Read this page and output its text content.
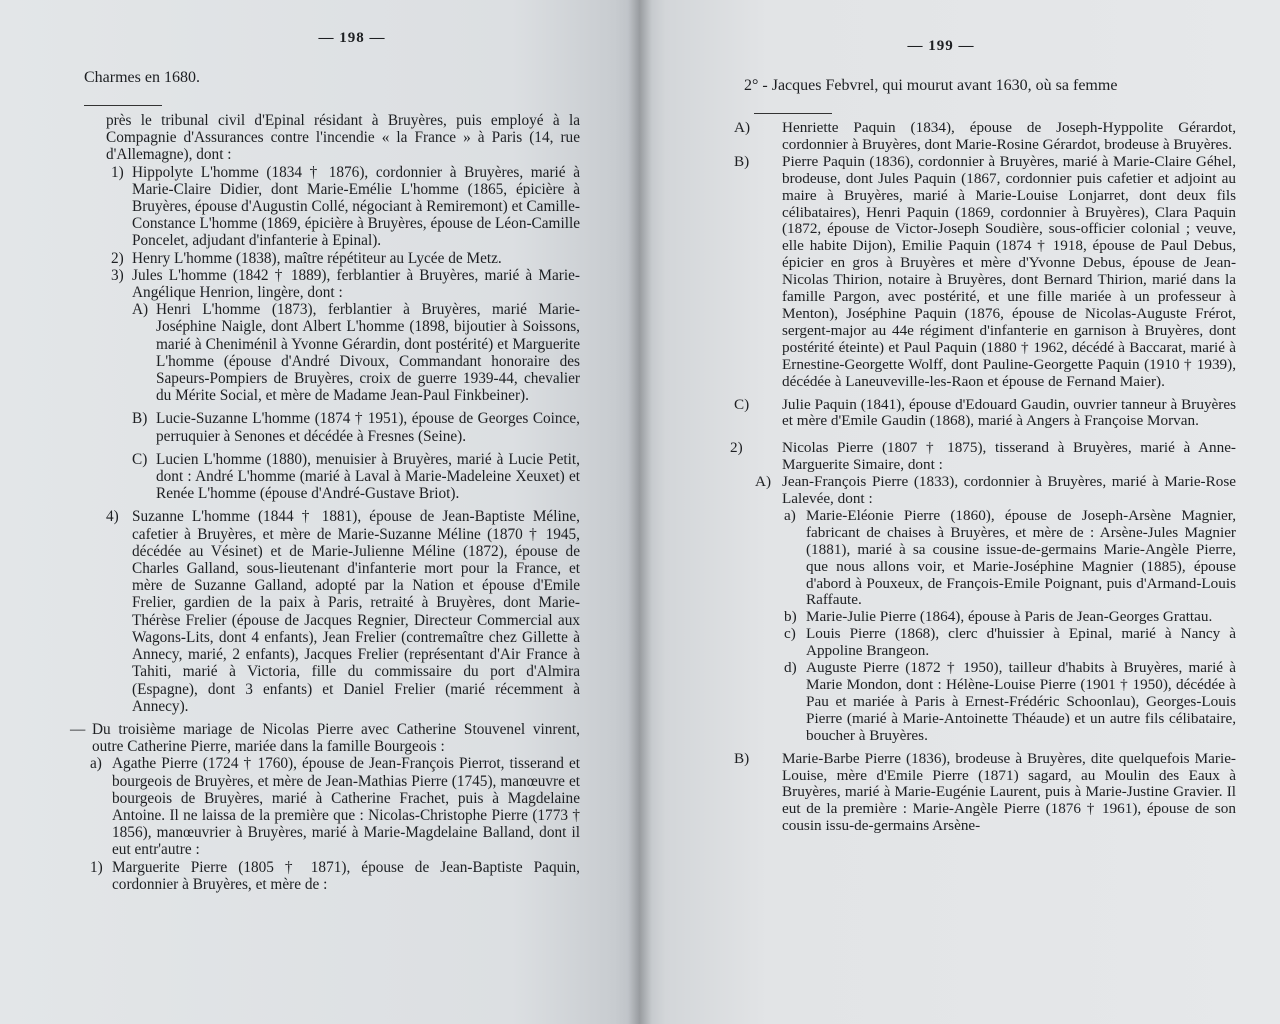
— 198 —
Charmes en 1680.
près le tribunal civil d'Epinal résidant à Bruyères, puis employé à la Compagnie d'Assurances contre l'incendie « la France » à Paris (14, rue d'Allemagne), dont :
1) Hippolyte L'homme (1834 † 1876), cordonnier à Bruyères, marié à Marie-Claire Didier, dont Marie-Emélie L'homme (1865, épicière à Bruyères, épouse d'Augustin Collé, négociant à Remiremont) et Camille-Constance L'homme (1869, épicière à Bruyères, épouse de Léon-Camille Poncelet, adjudant d'infanterie à Epinal).
2) Henry L'homme (1838), maître répétiteur au Lycée de Metz.
3) Jules L'homme (1842 † 1889), ferblantier à Bruyères, marié à Marie-Angélique Henrion, lingère, dont :
A) Henri L'homme (1873), ferblantier à Bruyères, marié Marie-Joséphine Naigle, dont Albert L'homme (1898, bijoutier à Soissons, marié à Cheniménil à Yvonne Gérardin, dont postérité) et Marguerite L'homme (épouse d'André Divoux, Commandant honoraire des Sapeurs-Pompiers de Bruyères, croix de guerre 1939-44, chevalier du Mérite Social, et mère de Madame Jean-Paul Finkbeiner).
B) Lucie-Suzanne L'homme (1874 † 1951), épouse de Georges Coince, perruquier à Senones et décédée à Fresnes (Seine).
C) Lucien L'homme (1880), menuisier à Bruyères, marié à Lucie Petit, dont : André L'homme (marié à Laval à Marie-Madeleine Xeuxet) et Renée L'homme (épouse d'André-Gustave Briot).
4) Suzanne L'homme (1844 † 1881), épouse de Jean-Baptiste Méline, cafetier à Bruyères, et mère de Marie-Suzanne Méline (1870 † 1945, décédée au Vésinet) et de Marie-Julienne Méline (1872), épouse de Charles Galland, sous-lieutenant d'infanterie mort pour la France, et mère de Suzanne Galland, adopté par la Nation et épouse d'Emile Frelier, gardien de la paix à Paris, retraité à Bruyères, dont Marie-Thérèse Frelier (épouse de Jacques Regnier, Directeur Commercial aux Wagons-Lits, dont 4 enfants), Jean Frelier (contremaître chez Gillette à Annecy, marié, 2 enfants), Jacques Frelier (représentant d'Air France à Tahiti, marié à Victoria, fille du commissaire du port d'Almira (Espagne), dont 3 enfants) et Daniel Frelier (marié récemment à Annecy).
— Du troisième mariage de Nicolas Pierre avec Catherine Stouvenel vinrent, outre Catherine Pierre, mariée dans la famille Bourgeois :
a) Agathe Pierre (1724 † 1760), épouse de Jean-François Pierrot, tisserand et bourgeois de Bruyères, et mère de Jean-Mathias Pierre (1745), manœuvre et bourgeois de Bruyères, marié à Catherine Frachet, puis à Magdelaine Antoine. Il ne laissa de la première que : Nicolas-Christophe Pierre (1773 † 1856), manœuvrier à Bruyères, marié à Marie-Magdelaine Balland, dont il eut entr'autre :
1) Marguerite Pierre (1805 † 1871), épouse de Jean-Baptiste Paquin, cordonnier à Bruyères, et mère de :
— 199 —
2° - Jacques Febvrel, qui mourut avant 1630, où sa femme
A) Henriette Paquin (1834), épouse de Joseph-Hyppolite Gérardot, cordonnier à Bruyères, dont Marie-Rosine Gérardot, brodeuse à Bruyères.
B) Pierre Paquin (1836), cordonnier à Bruyères, marié à Marie-Claire Géhel, brodeuse, dont Jules Paquin (1867, cordonnier puis cafetier et adjoint au maire à Bruyères, marié à Marie-Louise Lonjarret, dont deux fils célibataires), Henri Paquin (1869, cordonnier à Bruyères), Clara Paquin (1872, épouse de Victor-Joseph Soudière, sous-officier colonial ; veuve, elle habite Dijon), Emilie Paquin (1874 † 1918, épouse de Paul Debus, épicier en gros à Bruyères et mère d'Yvonne Debus, épouse de Jean-Nicolas Thirion, notaire à Bruyères, dont Bernard Thirion, marié dans la famille Pargon, avec postérité, et une fille mariée à un professeur à Menton), Joséphine Paquin (1876, épouse de Nicolas-Auguste Frérot, sergent-major au 44e régiment d'infanterie en garnison à Bruyères, dont postérité éteinte) et Paul Paquin (1880 † 1962, décédé à Baccarat, marié à Ernestine-Georgette Wolff, dont Pauline-Georgette Paquin (1910 † 1939), décédée à Laneuveville-les-Raon et épouse de Fernand Maier).
C) Julie Paquin (1841), épouse d'Edouard Gaudin, ouvrier tanneur à Bruyères et mère d'Emile Gaudin (1868), marié à Angers à Françoise Morvan.
2)	Nicolas Pierre (1807 † 1875), tisserand à Bruyères, marié à Anne-Marguerite Simaire, dont :
A) Jean-François Pierre (1833), cordonnier à Bruyères, marié à Marie-Rose Lalevée, dont :
a) Marie-Eléonie Pierre (1860), épouse de Joseph-Arsène Magnier, fabricant de chaises à Bruyères, et mère de : Arsène-Jules Magnier (1881), marié à sa cousine issue-de-germains Marie-Angèle Pierre, que nous allons voir, et Marie-Joséphine Magnier (1885), épouse d'abord à Pouxeux, de François-Emile Poignant, puis d'Armand-Louis Raffaute.
b) Marie-Julie Pierre (1864), épouse à Paris de Jean-Georges Grattau.
c) Louis Pierre (1868), clerc d'huissier à Epinal, marié à Nancy à Appoline Brangeon.
d) Auguste Pierre (1872 † 1950), tailleur d'habits à Bruyères, marié à Marie Mondon, dont : Hélène-Louise Pierre (1901 † 1950), décédée à Pau et mariée à Paris à Ernest-Frédéric Schoonlau), Georges-Louis Pierre (marié à Marie-Antoinette Théaude) et un autre fils célibataire, boucher à Bruyères.
B) Marie-Barbe Pierre (1836), brodeuse à Bruyères, dite quelquefois Marie-Louise, mère d'Emile Pierre (1871) sagard, au Moulin des Eaux à Bruyères, marié à Marie-Eugénie Laurent, puis à Marie-Justine Gravier. Il eut de la première : Marie-Angèle Pierre (1876 † 1961), épouse de son cousin issu-de-germains Arsène-
